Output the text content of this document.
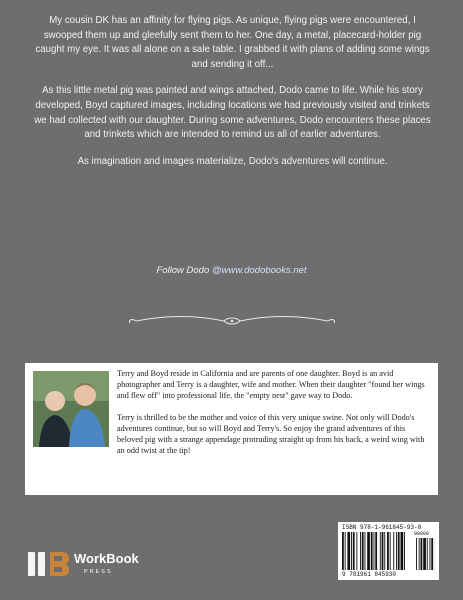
My cousin DK has an affinity for flying pigs. As unique, flying pigs were encountered, I swooped them up and gleefully sent them to her. One day, a metal, placecard-holder pig caught my eye. It was all alone on a sale table. I grabbed it with plans of adding some wings and sending it off...

As this little metal pig was painted and wings attached, Dodo came to life. While his story developed, Boyd captured images, including locations we had previously visited and trinkets we had collected with our daughter. During some adventures, Dodo encounters these places and trinkets which are intended to remind us all of earlier adventures.

As imagination and images materialize, Dodo's adventures will continue.

Follow Dodo @www.dodobooks.net

Terry and Boyd reside in California and are parents of one daughter. Boyd is an avid photographer and Terry is a daughter, wife and mother. When their daughter "found her wings and flew off" into professional life, the "empty nest" gave way to Dodo.

Terry is thrilled to be the mother and voice of this very unique swine. Not only will Dodo's adventures continue, but so will Boyd and Terry's. So enjoy the grand adventures of this beloved pig with a strange appendage protruding straight up from his back, a weird wing with an odd twist at the tip!

WorkBook
PRESS
ISBN 978-1-961845-93-0
90000
9 781961 845930
